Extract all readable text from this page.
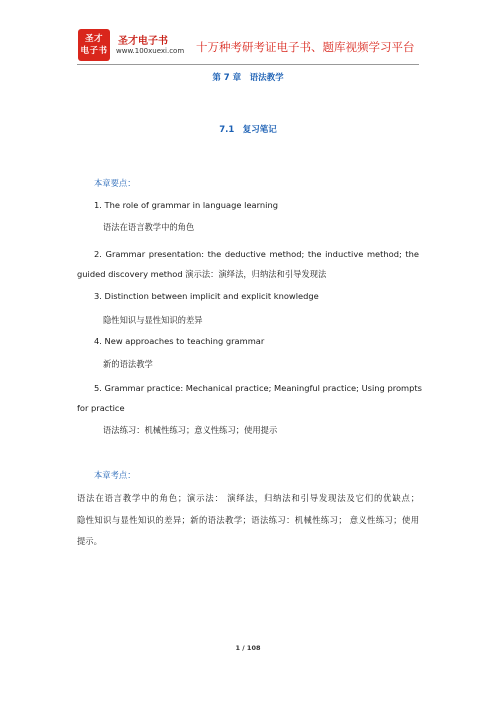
圣才
电子书
圣才电子书
www.100xuexi.com 十万种考研考证电子书、题库视频学习平台
第 7 章　语法教学
7.1　复习笔记
本章要点：
1. The role of grammar in language learning
语法在语言教学中的角色
2. Grammar presentation: the deductive method; the inductive method; the
guided discovery method 演示法：演绎法，归纳法和引导发现法
3. Distinction between implicit and explicit knowledge
隐性知识与显性知识的差异
4. New approaches to teaching grammar
新的语法教学
5. Grammar practice: Mechanical practice; Meaningful practice; Using prompts
for practice
语法练习：机械性练习；意义性练习；使用提示
本章考点：
语法在语言教学中的角色；演示法： 演绎法，归纳法和引导发现法及它们的优缺点；
隐性知识与显性知识的差异；新的语法教学；语法练习：机械性练习； 意义性练习；使用
提示。
1 / 108
